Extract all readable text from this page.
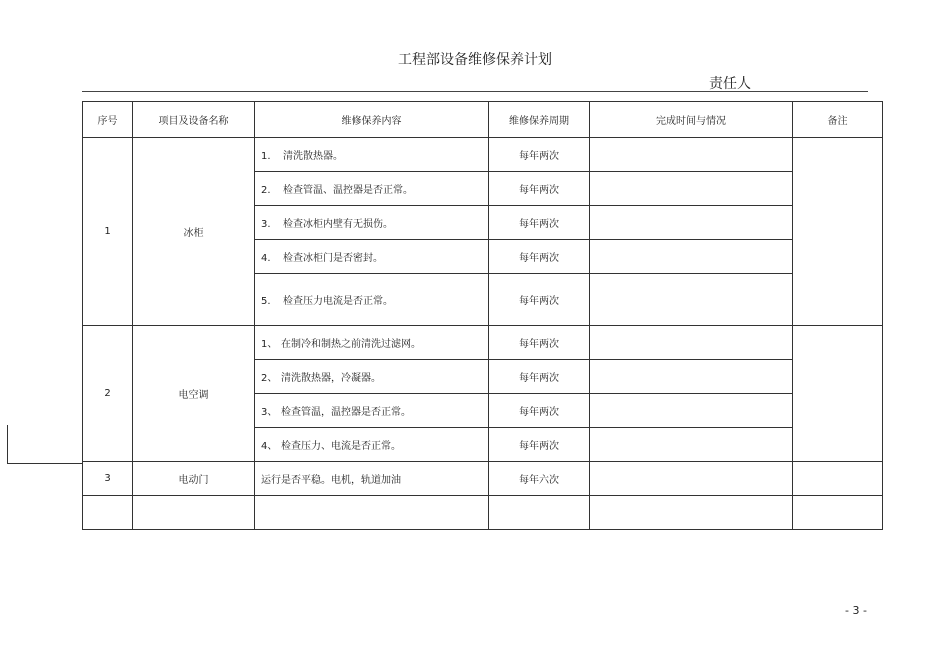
工程部设备维修保养计划
责任人
序号	项目及设备名称	维修保养内容	维修保养周期	完成时间与情况	备注
1	冰柜	1. 清洗散热器。	每年两次		
		2. 检查管温、温控器是否正常。	每年两次		
		3. 检查冰柜内壁有无损伤。	每年两次		
		4. 检查冰柜门是否密封。	每年两次		
		5. 检查压力电流是否正常。	每年两次		
2	电空调	1、 在制冷和制热之前清洗过滤网。	每年两次		
		2、 清洗散热器，冷凝器。	每年两次		
		3、 检查管温，温控器是否正常。	每年两次		
		4、 检查压力、电流是否正常。	每年两次		
3	电动门	运行是否平稳。电机，轨道加油	每年六次		

- 3 -
